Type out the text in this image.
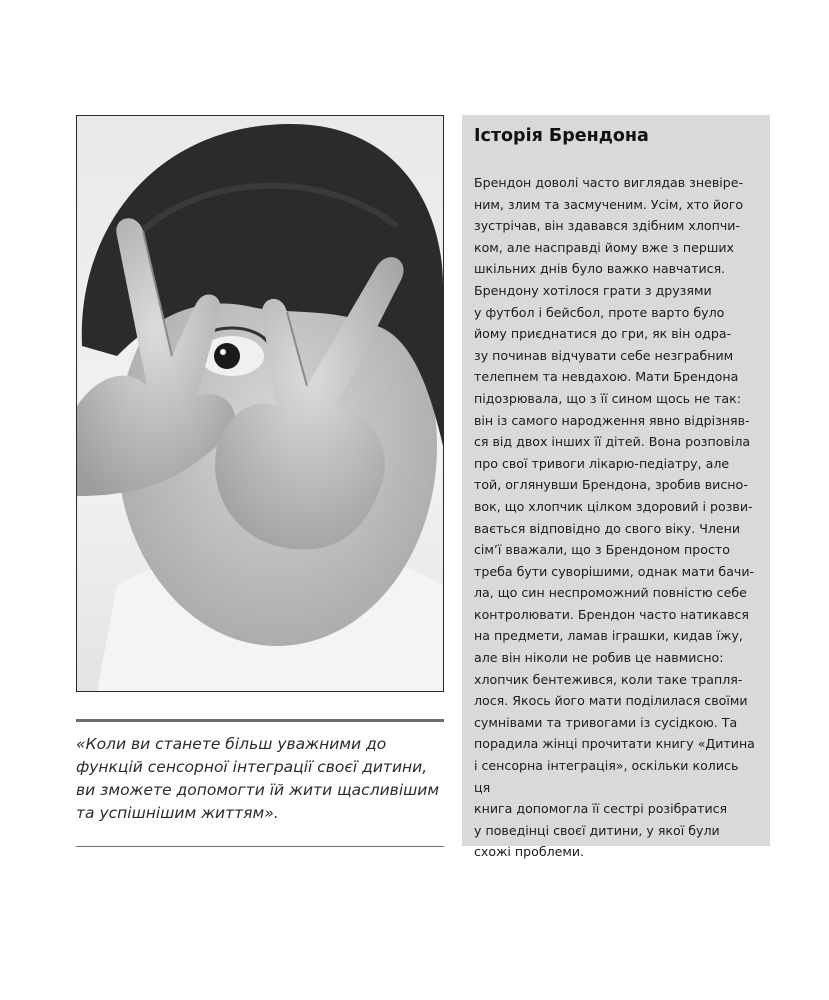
«Коли ви станете більш уважними до
функцій сенсорної інтеграції своєї дитини,
ви зможете допомогти їй жити щасливішим
та успішнішим життям».

Історія Брендона

Брендон доволі часто виглядав зневіре-
ним, злим та засмученим. Усім, хто його
зустрічав, він здавався здібним хлопчи-
ком, але насправді йому вже з перших
шкільних днів було важко навчатися.
Брендону хотілося грати з друзями
у футбол і бейсбол, проте варто було
йому приєднатися до гри, як він одра-
зу починав відчувати себе незграбним
телепнем та невдахою. Мати Брендона
підозрювала, що з її сином щось не так:
він із самого народження явно відрізняв-
ся від двох інших її дітей. Вона розповіла
про свої тривоги лікарю-педіатру, але
той, оглянувши Брендона, зробив висно-
вок, що хлопчик цілком здоровий і розви-
вається відповідно до свого віку. Члени
сім’ї вважали, що з Брендоном просто
треба бути суворішими, однак мати бачи-
ла, що син неспроможний повністю себе
контролювати. Брендон часто натикався
на предмети, ламав іграшки, кидав їжу,
але він ніколи не робив це навмисно:
хлопчик бентежився, коли таке трапля-
лося. Якось його мати поділилася своїми
сумнівами та тривогами із сусідкою. Та
порадила жінці прочитати книгу «Дитина
і сенсорна інтеграція», оскільки колись ця
книга допомогла її сестрі розібратися
у поведінці своєї дитини, у якої були
схожі проблеми.
